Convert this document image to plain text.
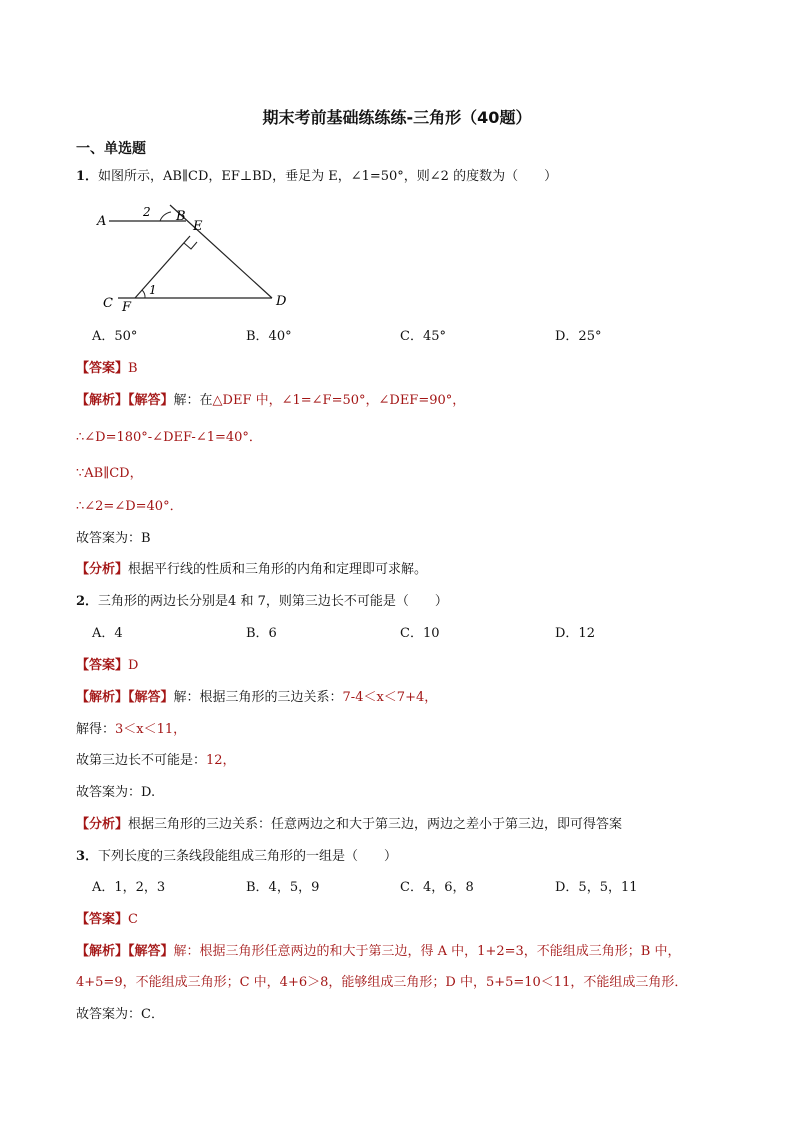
期末考前基础练练练-三角形（40题）
一、单选题
1．如图所示，AB∥CD，EF⊥BD，垂足为 E，∠1=50°，则∠2 的度数为（　　）
A
2 B
E
1
C F	D
A．50°	B．40°	C．45°	D．25°
【答案】B
【解析】【解答】解：在△DEF 中，∠1=∠F=50°，∠DEF=90°，
∴∠D=180°-∠DEF-∠1=40°．
∵AB∥CD，
∴∠2=∠D=40°．
故答案为：B
【分析】根据平行线的性质和三角形的内角和定理即可求解。
2．三角形的两边长分别是4 和 7，则第三边长不可能是（　　）
A．4	B．6	C．10	D．12
【答案】D
【解析】【解答】解：根据三角形的三边关系：7-4＜x＜7+4，
解得：3＜x＜11，
故第三边长不可能是：12，
故答案为：D.
【分析】根据三角形的三边关系：任意两边之和大于第三边，两边之差小于第三边，即可得答案
3．下列长度的三条线段能组成三角形的一组是（　　）
A．1，2，3	B．4，5，9	C．4，6，8	D．5，5，11
【答案】C
【解析】【解答】解：根据三角形任意两边的和大于第三边，得 A 中，1+2=3，不能组成三角形；B 中，
4+5=9，不能组成三角形；C 中，4+6＞8，能够组成三角形；D 中，5+5=10＜11，不能组成三角形．
故答案为：C．
